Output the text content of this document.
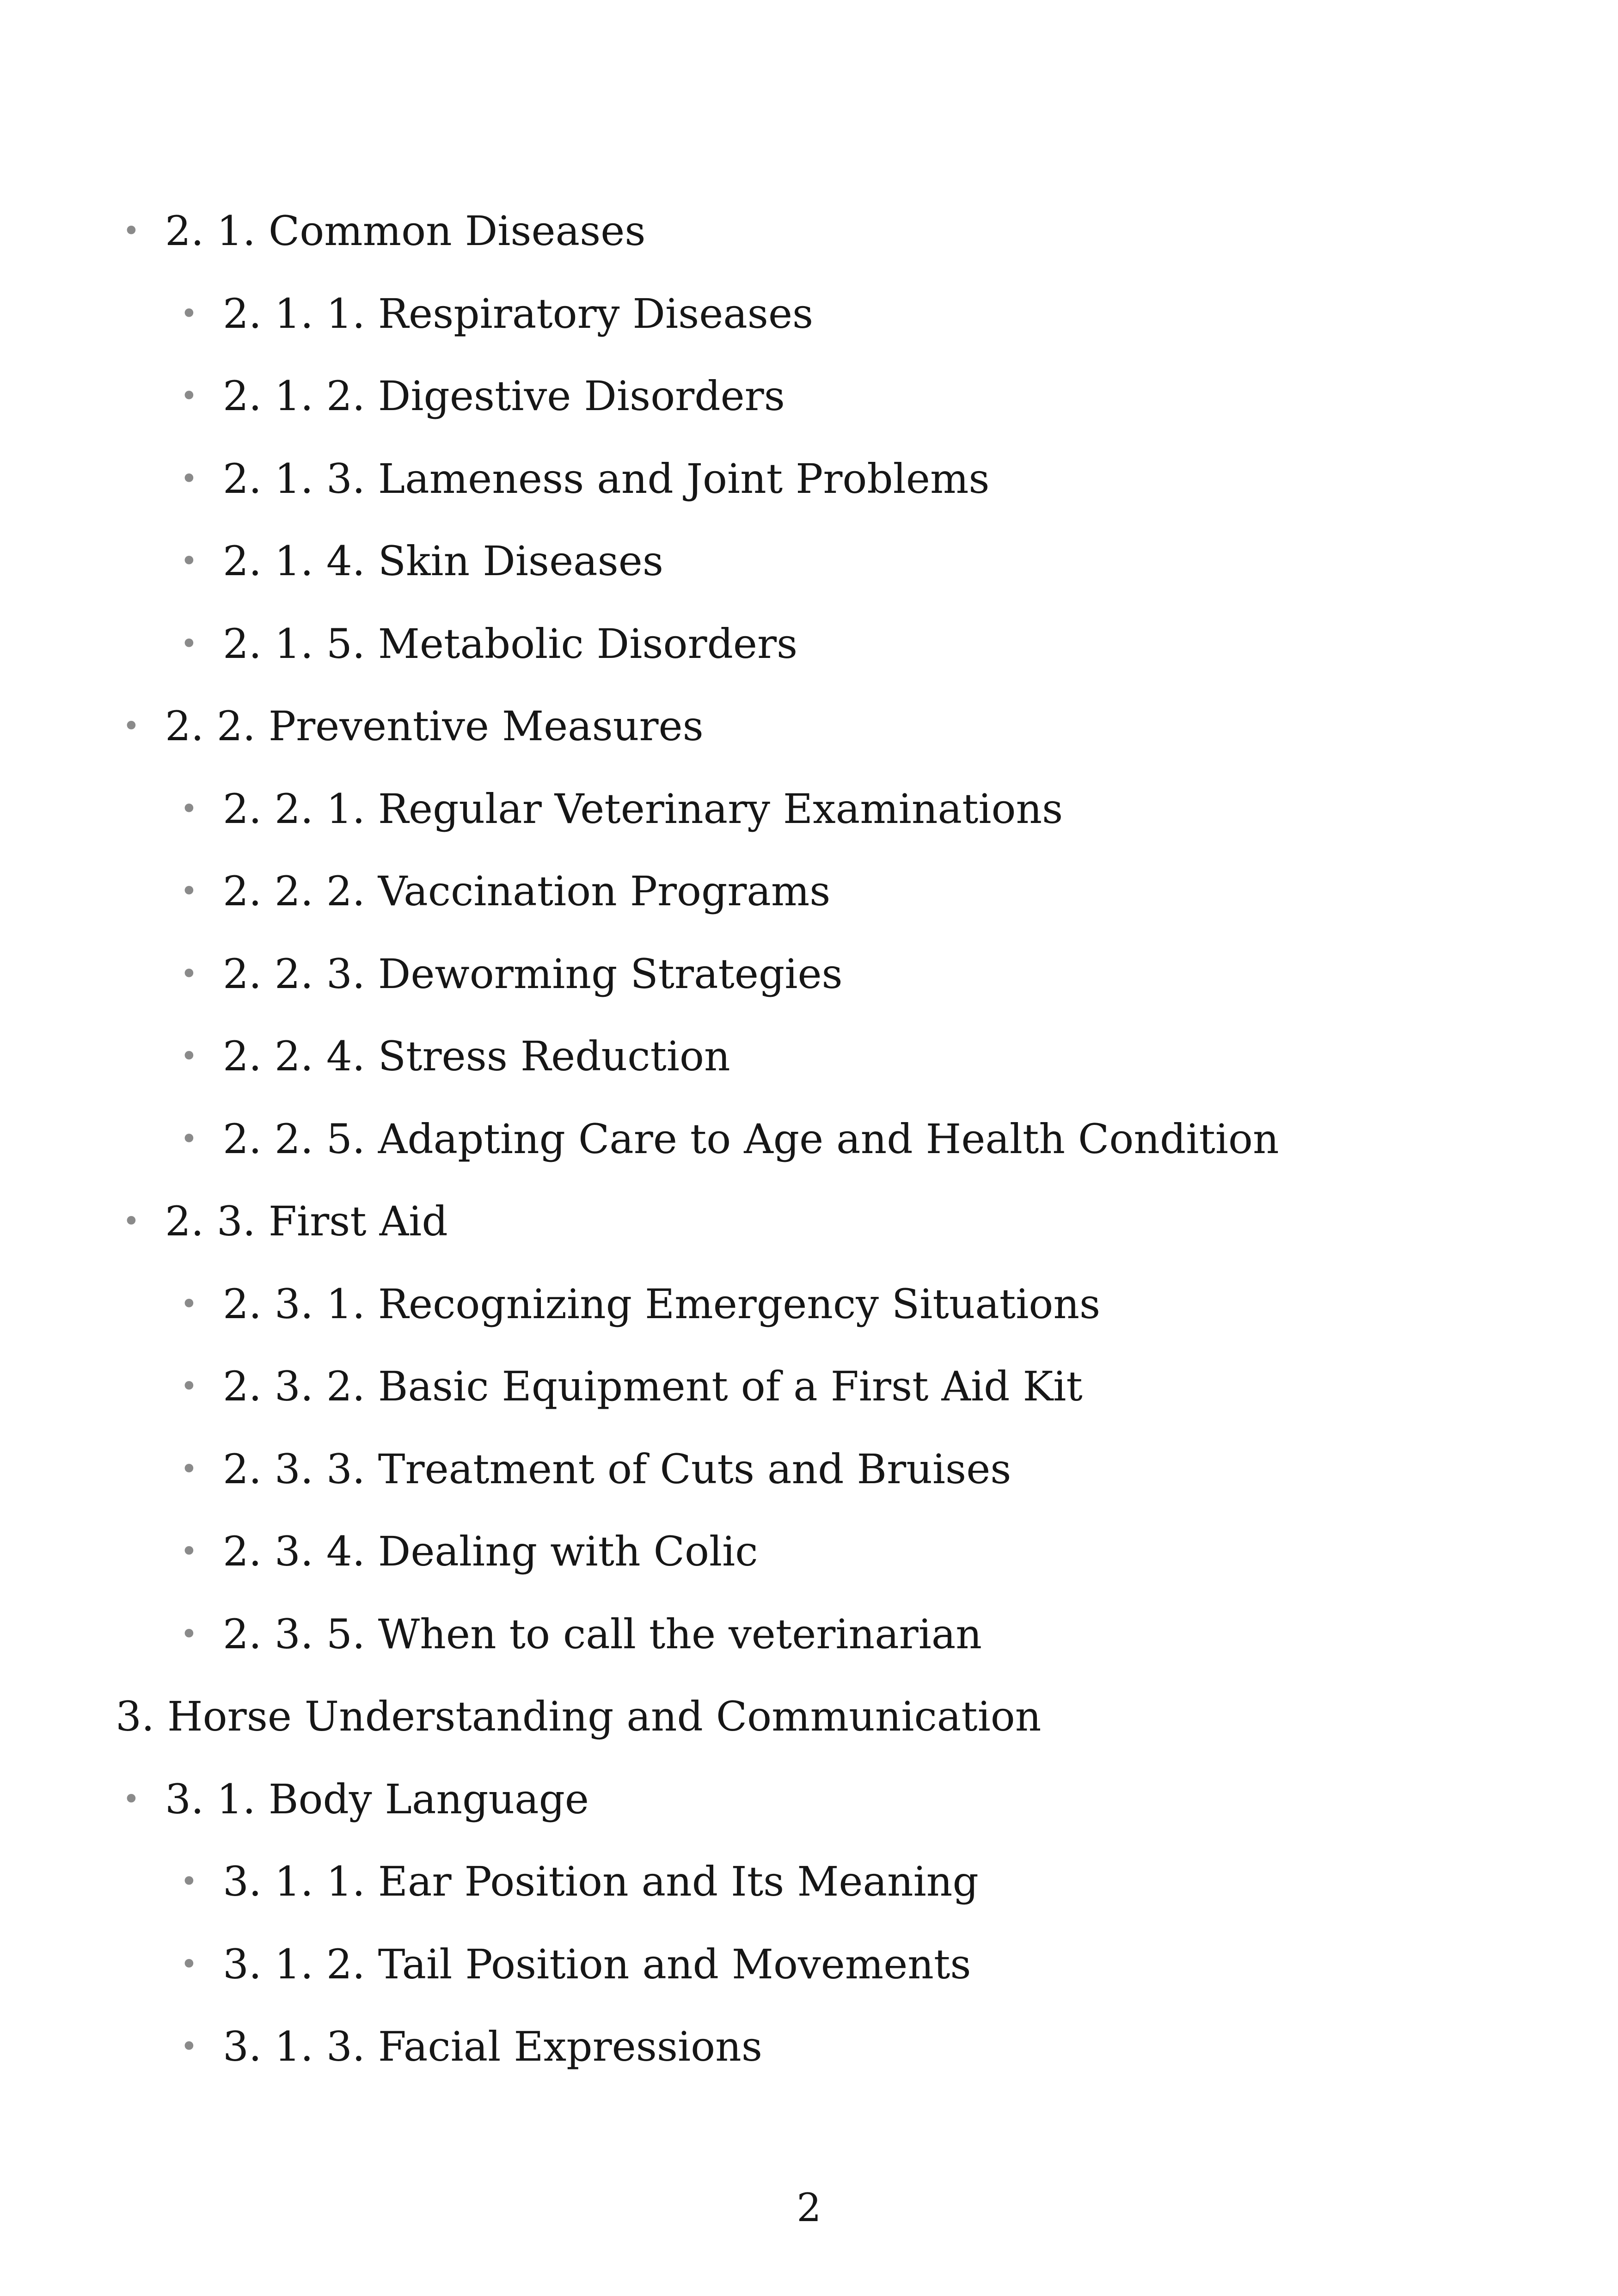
• 2. 1. Common Diseases
• 2. 1. 1. Respiratory Diseases
• 2. 1. 2. Digestive Disorders
• 2. 1. 3. Lameness and Joint Problems
• 2. 1. 4. Skin Diseases
• 2. 1. 5. Metabolic Disorders
• 2. 2. Preventive Measures
• 2. 2. 1. Regular Veterinary Examinations
• 2. 2. 2. Vaccination Programs
• 2. 2. 3. Deworming Strategies
• 2. 2. 4. Stress Reduction
• 2. 2. 5. Adapting Care to Age and Health Condition
• 2. 3. First Aid
• 2. 3. 1. Recognizing Emergency Situations
• 2. 3. 2. Basic Equipment of a First Aid Kit
• 2. 3. 3. Treatment of Cuts and Bruises
• 2. 3. 4. Dealing with Colic
• 2. 3. 5. When to call the veterinarian
3. Horse Understanding and Communication
• 3. 1. Body Language
• 3. 1. 1. Ear Position and Its Meaning
• 3. 1. 2. Tail Position and Movements
• 3. 1. 3. Facial Expressions
2
